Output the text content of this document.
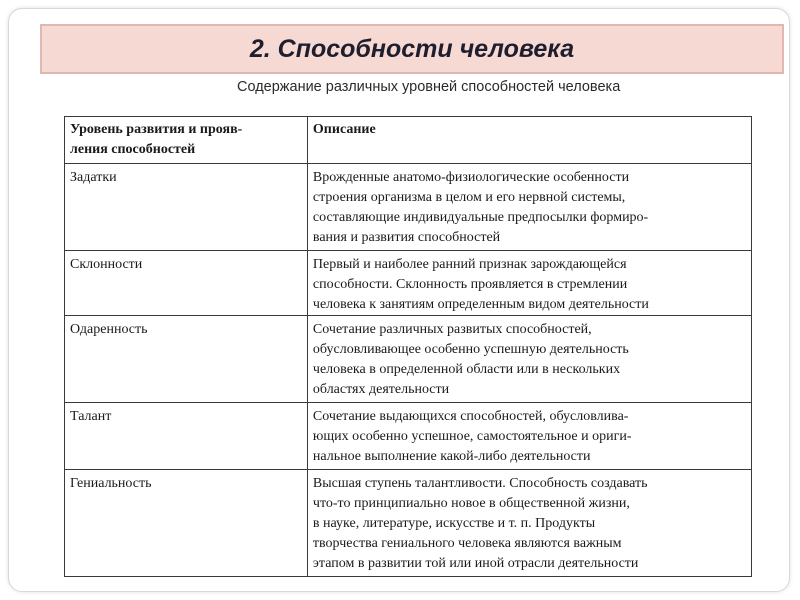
2. Способности человека
Содержание различных уровней способностей человека
Уровень развития и прояв-
ления способностей	Описание
Задатки	Врожденные анатомо-физиологические особенности
строения организма в целом и его нервной системы,
составляющие индивидуальные предпосылки формиро-
вания и развития способностей
Склонности	Первый и наиболее ранний признак зарождающейся
способности. Склонность проявляется в стремлении
человека к занятиям определенным видом деятельности
Одаренность	Сочетание различных развитых способностей,
обусловливающее особенно успешную деятельность
человека в определенной области или в нескольких
областях деятельности
Талант	Сочетание выдающихся способностей, обусловлива-
ющих особенно успешное, самостоятельное и ориги-
нальное выполнение какой-либо деятельности
Гениальность	Высшая ступень талантливости. Способность создавать
что-то принципиально новое в общественной жизни,
в науке, литературе, искусстве и т. п. Продукты
творчества гениального человека являются важным
этапом в развитии той или иной отрасли деятельности
